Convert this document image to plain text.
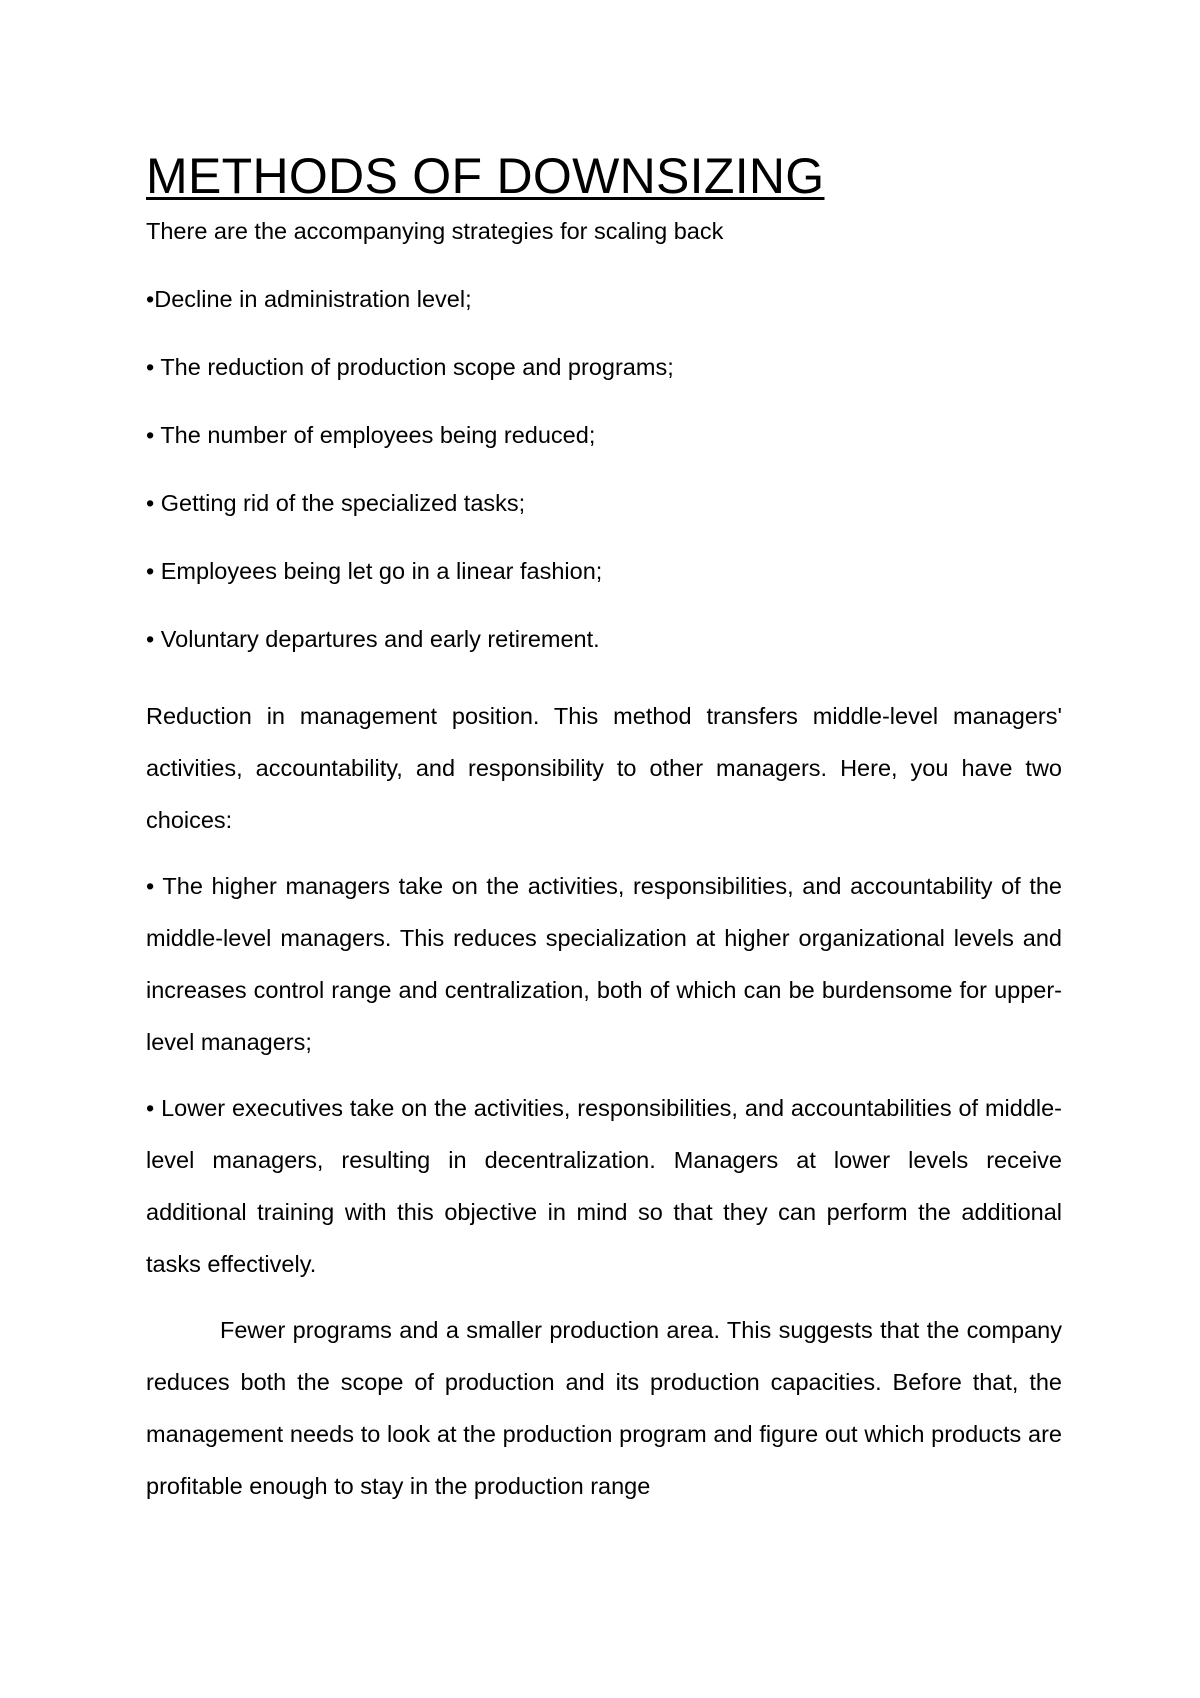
METHODS OF DOWNSIZING

There are the accompanying strategies for scaling back

•Decline in administration level;
• The reduction of production scope and programs;
• The number of employees being reduced;
• Getting rid of the specialized tasks;
• Employees being let go in a linear fashion;
• Voluntary departures and early retirement.

Reduction in management position. This method transfers middle-level managers' activities, accountability, and responsibility to other managers. Here, you have two choices:

• The higher managers take on the activities, responsibilities, and accountability of the middle-level managers. This reduces specialization at higher organizational levels and increases control range and centralization, both of which can be burdensome for upper-level managers;

• Lower executives take on the activities, responsibilities, and accountabilities of middle-level managers, resulting in decentralization. Managers at lower levels receive additional training with this objective in mind so that they can perform the additional tasks effectively.

Fewer programs and a smaller production area. This suggests that the company reduces both the scope of production and its production capacities. Before that, the management needs to look at the production program and figure out which products are profitable enough to stay in the production range
